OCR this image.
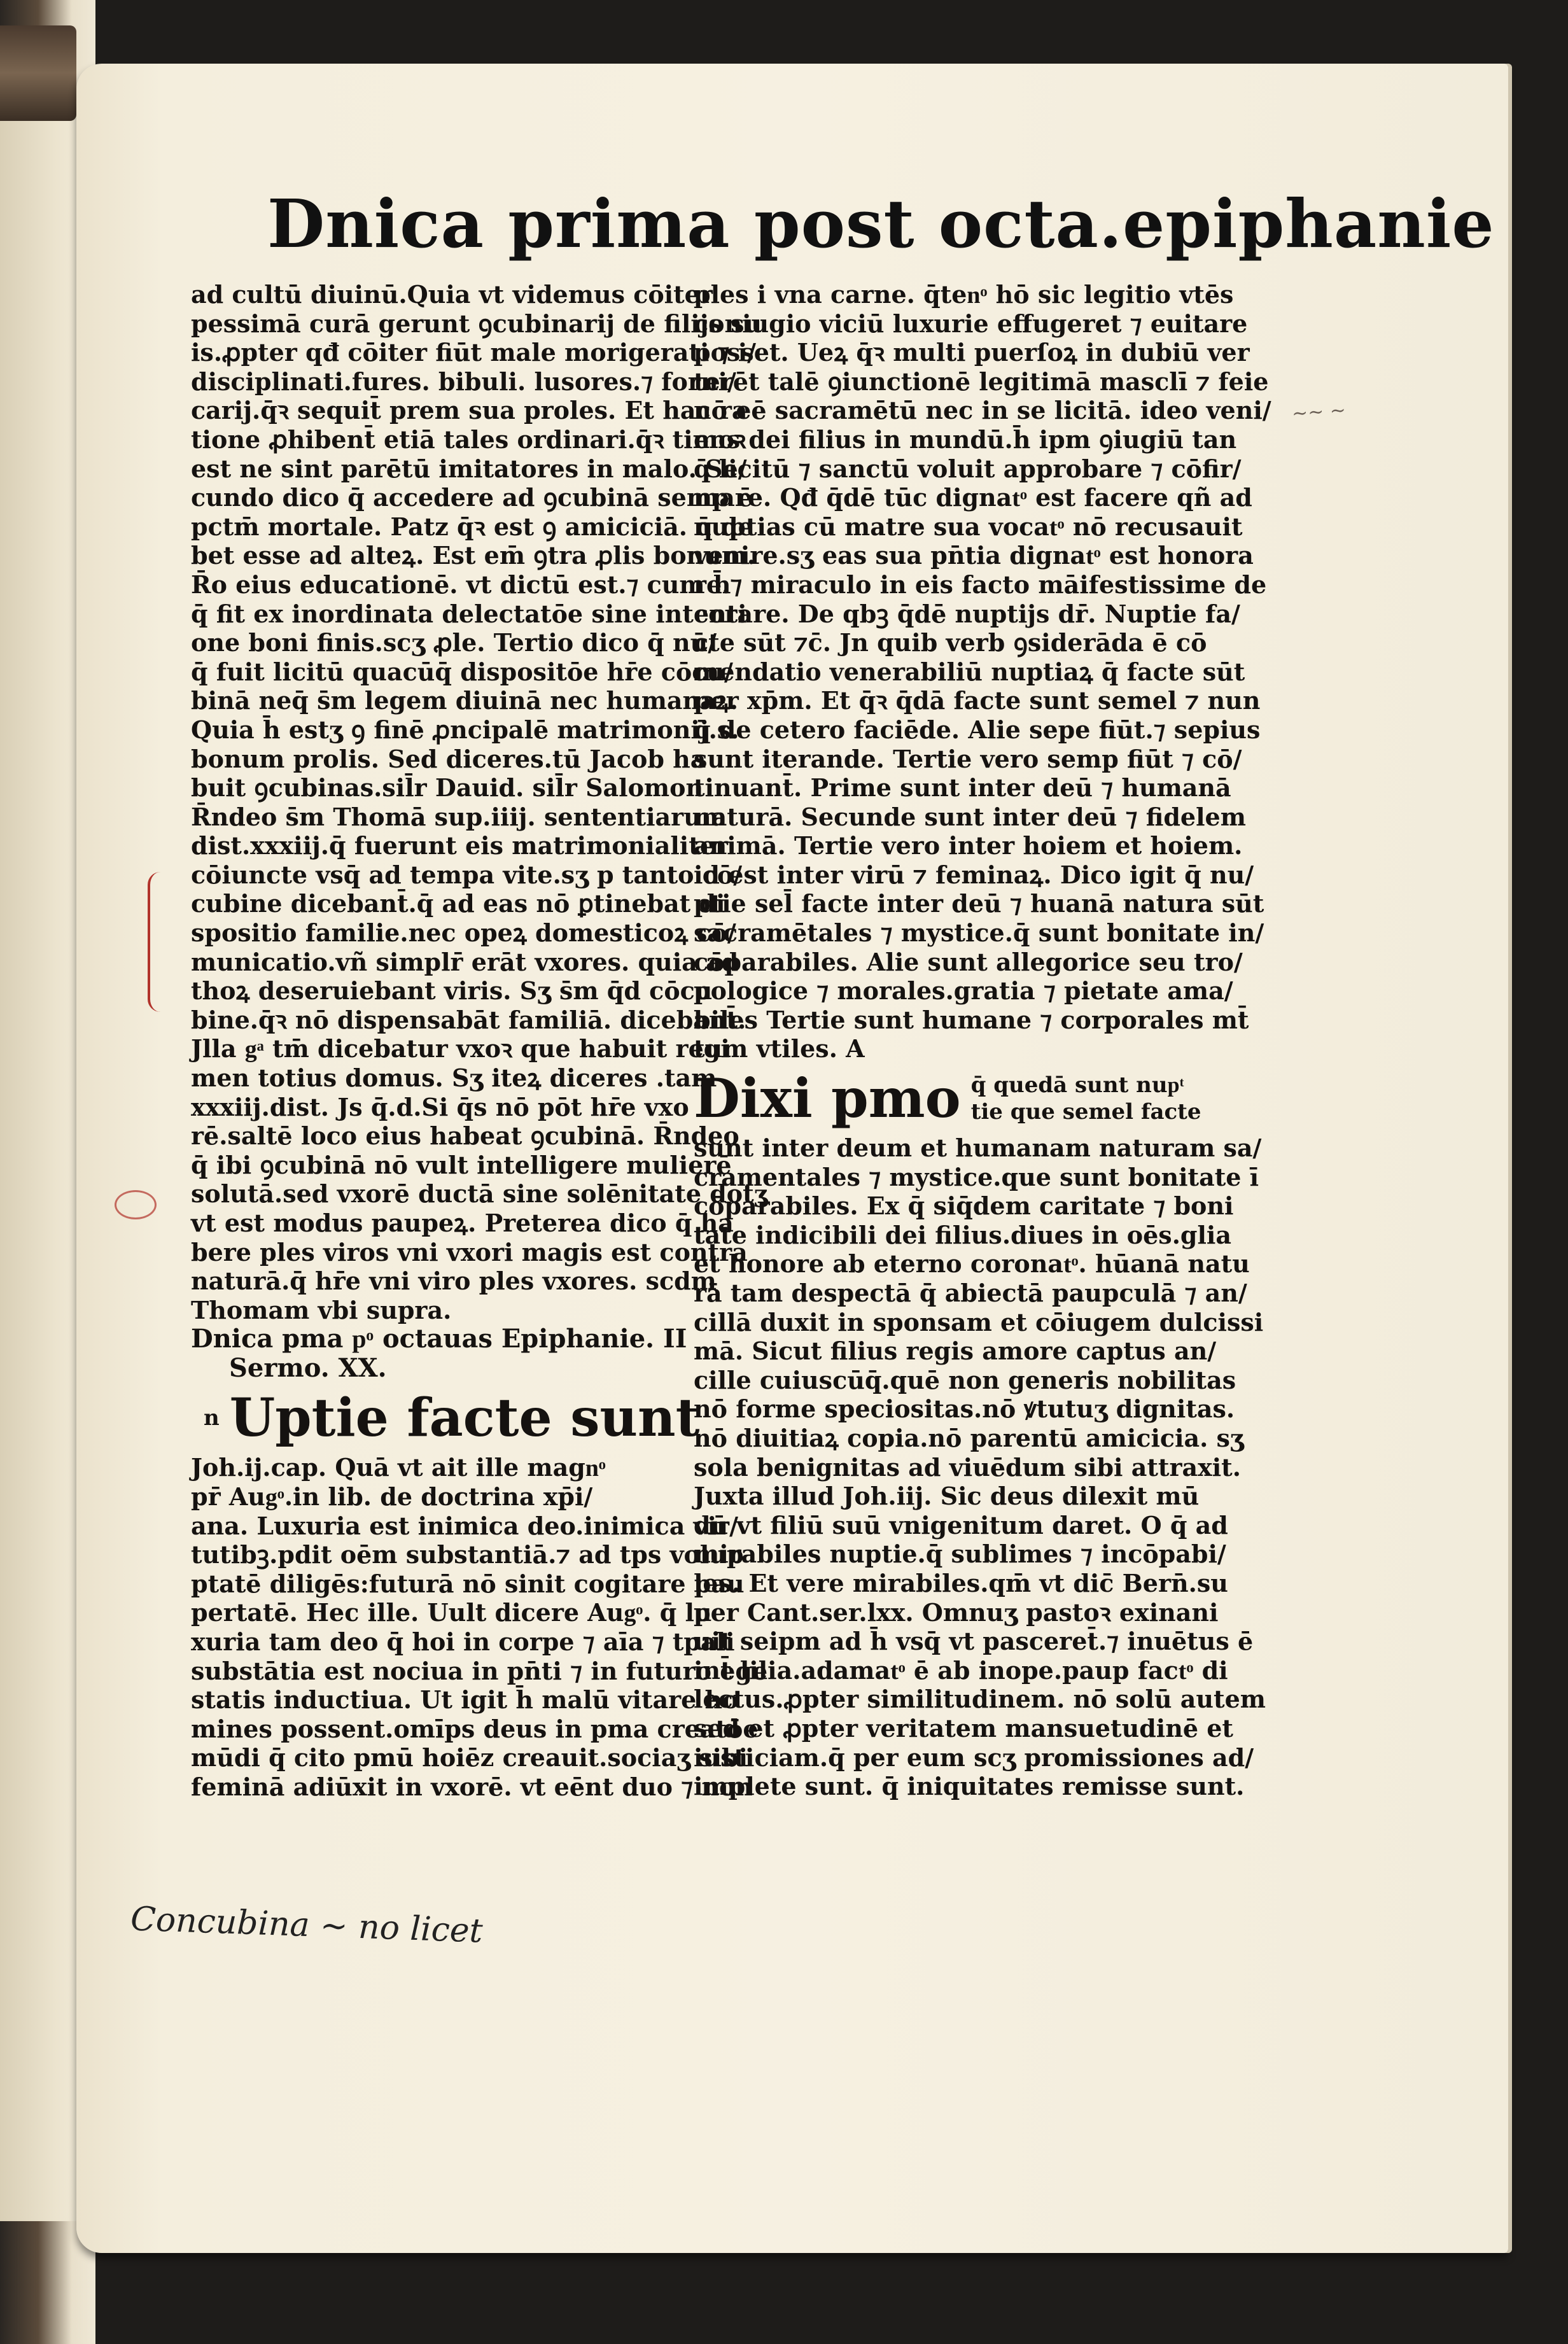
Dnica prima post octa.epiphanie
ad cultū diuinū.Quia vt videmus cōiter
pessimā curā gerunt ꝯcubinarij de filijs su
is.ꝓpter qđ cōiter fiūt male morigerati ⁊ i/
disciplinati.fures. bibuli. lusores.⁊ forni/
carij.q̄ꝛ sequit̄ prem sua proles. Et hac ra
tione ꝓhibent̄ etiā tales ordinari.q̄ꝛ timoꝛ
est ne sint parētū imitatores in malo. Se/
cundo dico q̄ accedere ad ꝯcubinā semp ē
pctm̄ mortale. Patz q̄ꝛ est ꝯ amiciciā. q̄ de
bet esse ad alteꝝ. Est em̄ ꝯtra ꝓlis bonum.
R̄o eius educationē. vt dictū est.⁊ cum h̄
q̄ fit ex inordinata delectatōe sine intenti
one boni finis.scʒ ꝓle. Tertio dico q̄ nū/
q̄ fuit licitū quacūq̄ dispositōe hr̄e cōcu/
binā neq̄ s̄m legem diuinā nec humanaꝝ.
Quia h̄ estʒ ꝯ finē ꝓncipalē matrimonij.s.
bonum prolis. Sed diceres.tū Jacob ha
buit ꝯcubinas.sil̄r Dauid. sil̄r Salomon
R̄ndeo s̄m Thomā sup.iiij. sententiarum
dist.xxxiij.q̄ fuerunt eis matrimonialiter
cōiuncte vsq̄ ad tempa vite.sʒ p tanto cō/
cubine dicebant̄.q̄ ad eas nō ꝑtinebat di
spositio familie.nec opeꝝ domesticoꝝ cō/
municatio.vñ simplr̄ erāt vxores. quia ad
thoꝝ deseruiebant viris. Sʒ s̄m q̄d cōcu
bine.q̄ꝛ nō dispensabāt familiā. dicebant̄.
Jlla gͣ tm̄ dicebatur vxoꝛ que habuit regi
men totius domus. Sʒ iteꝝ diceres .tam
xxxiij.dist. Js q̄.d.Si q̄s nō pōt hr̄e vxo
rē.saltē loco eius habeat ꝯcubinā. R̄ndeo
q̄ ibi ꝯcubinā nō vult intelligere mulierē
solutā.sed vxorē ductā sine solēnitate dotʒ
vt est modus paupeꝝ. Preterea dico q̄ ha
bere ples viros vni vxori magis est contra
naturā.q̄ hr̄e vni viro ples vxores. scdm
Thomam vbi supra.
Dnica pma pͦ octauas Epiphanie. II
Sermo. XX.
n Uptie facte sunt
Joh.ij.cap. Quā vt ait ille magnͦ
pr̄ Augͦ.in lib. de doctrina xp̄i/
ana. Luxuria est inimica deo.inimica vir/
tutibꝫ.pdit oēm substantiā.⁊ ad tps volup
ptatē diligēs:futurā nō sinit cogitare pau
pertatē. Hec ille. Uult dicere Augͦ. q̄ lu
xuria tam deo q̄ hoi in corpe ⁊ aīa ⁊ tpali
substātia est nociua in pn̄ti ⁊ in futuro ege
statis inductiua. Ut igit h̄ malū vitare ho
mines possent.omīps deus in pma creatōe
mūdi q̄ cito pmū hoiēz creauit.sociaʒ sibi
feminā adiūxit in vxorē. vt eēnt duo ⁊ non
ples i vna carne. q̄tenͦ hō sic legitio vtēs
coniugio viciū luxurie effugeret ⁊ euitare
posset. Ueꝝ q̄ꝛ multi puerſoꝝ in dubiū ver
terēt talē ꝯiunctionē legitimā masclī ⁊ feie
nō eē sacramētū nec in se licitā. ideo veni/
ens dei filius in mundū.h̄ ipm ꝯiugiū tan
q̄ licitū ⁊ sanctū voluit approbare ⁊ cōfir/
mare. Qđ q̄dē tūc dignatͦ est facere qñ ad
nuptias cū matre sua vocatͦ nō recusauit
venire.sʒ eas sua pn̄tia dignatͦ est honora
re.⁊ miraculo in eis facto māifestissime de
corare. De qbꝫ q̄dē nuptijs dr̄. Nuptie fa/
cte sūt ⁊c̄. Jn quib verb ꝯsiderāda ē cō
mendatio venerabiliū nuptiaꝝ q̄ facte sūt
per xp̄m. Et q̄ꝛ q̄dā facte sunt semel ⁊ nun
q̄ de cetero faciēde. Alie sepe fiūt.⁊ sepius
sunt iterande. Tertie vero semp fiūt ⁊ cō/
tinuant̄. Prime sunt inter deū ⁊ humanā
naturā. Secunde sunt inter deū ⁊ fidelem
animā. Tertie vero inter hoiem et hoiem.
id est inter virū ⁊ feminaꝝ. Dico igit q̄ nu/
ptie sel̄ facte inter deū ⁊ huanā natura sūt
sacramētales ⁊ mystice.q̄ sunt bonitate in/
cōparabiles. Alie sunt allegorice seu tro/
pologice ⁊ morales.gratia ⁊ pietate ama/
biles Tertie sunt humane ⁊ corporales mt̄
tum vtiles. A
Dixi pmo q̄ quedā sunt nupͭ
tie que semel facte
sunt inter deum et humanam naturam sa/
cramentales ⁊ mystice.que sunt bonitate ī
cōparabiles. Ex q̄ siq̄dem caritate ⁊ boni
tate indicibili dei filius.diues in oēs.glia
et honore ab eterno coronatͦ. hūanā natu
rā tam despectā q̄ abiectā paupculā ⁊ an/
cillā duxit in sponsam et cōiugem dulcissi
mā. Sicut filius regis amore captus an/
cille cuiuscūq̄.quē non generis nobilitas
nō forme speciositas.nō ꝟtutuʒ dignitas.
nō diuitiaꝝ copia.nō parentū amicicia. sʒ
sola benignitas ad viuēdum sibi attraxit.
Juxta illud Joh.iij. Sic deus dilexit mū
dū vt filiū suū vnigenitum daret. O q̄ ad
mirabiles nuptie.q̄ sublimes ⁊ incōpabi/
les. Et vere mirabiles.qm̄ vt dic̄ Bern̄.su
per Cant.ser.lxx. Omnuʒ pastoꝛ exinani
uit seipm ad h̄ vsq̄ vt pasceret̄.⁊ inuētus ē
int̄ lilia.adamatͦ ē ab inope.paup factͦ di
lectus.ꝓpter similitudinem. nō solū autem
sed et ꝓpter veritatem mansuetudinē et
iusticiam.q̄ per eum scʒ promissiones ad/
implete sunt. q̄ iniquitates remisse sunt.
~~ ~
Concubina ~ no licet
